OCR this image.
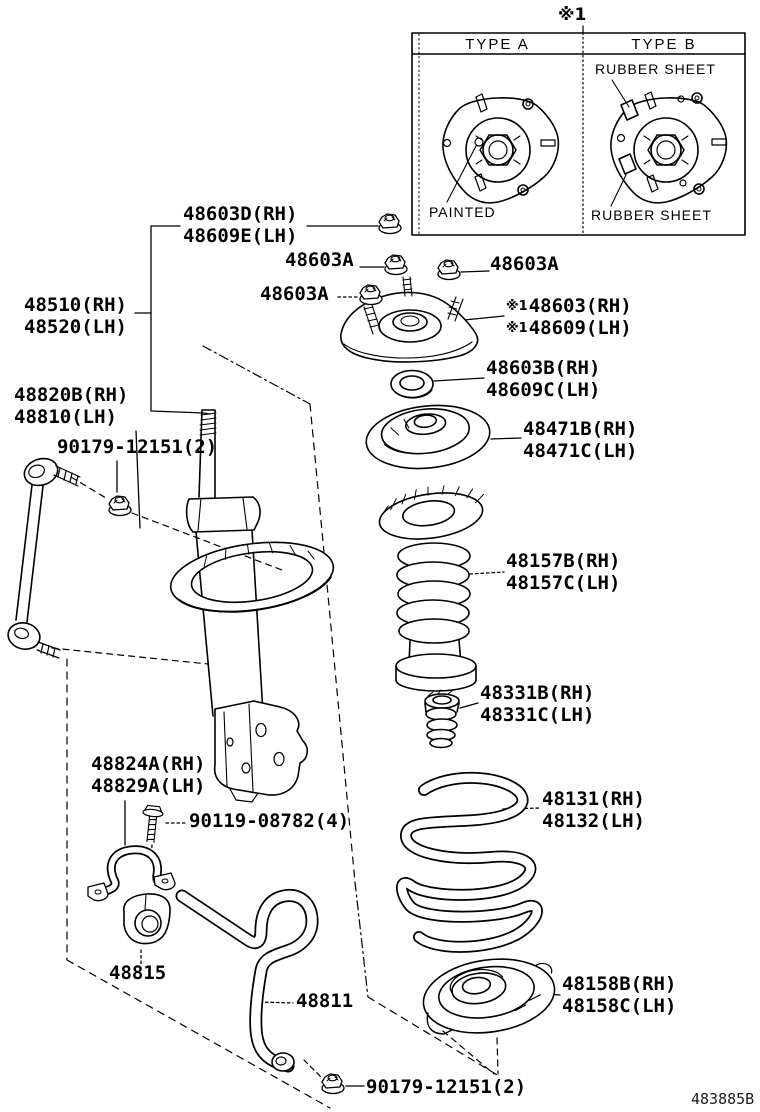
※1
TYPE A	TYPE B
PAINTED
RUBBER SHEET
RUBBER SHEET
48603D(RH)
48609E(LH)
48603A
48603A
48603A
48510(RH)
48520(LH)
※148603(RH)
※148609(LH)
48603B(RH)
48609C(LH)
48820B(RH)
48810(LH)
90179-12151(2)
48471B(RH)
48471C(LH)
48157B(RH)
48157C(LH)
48331B(RH)
48331C(LH)
48824A(RH)
48829A(LH)
90119-08782(4)
48131(RH)
48132(LH)
48815
48811
48158B(RH)
48158C(LH)
90179-12151(2)
483885B
